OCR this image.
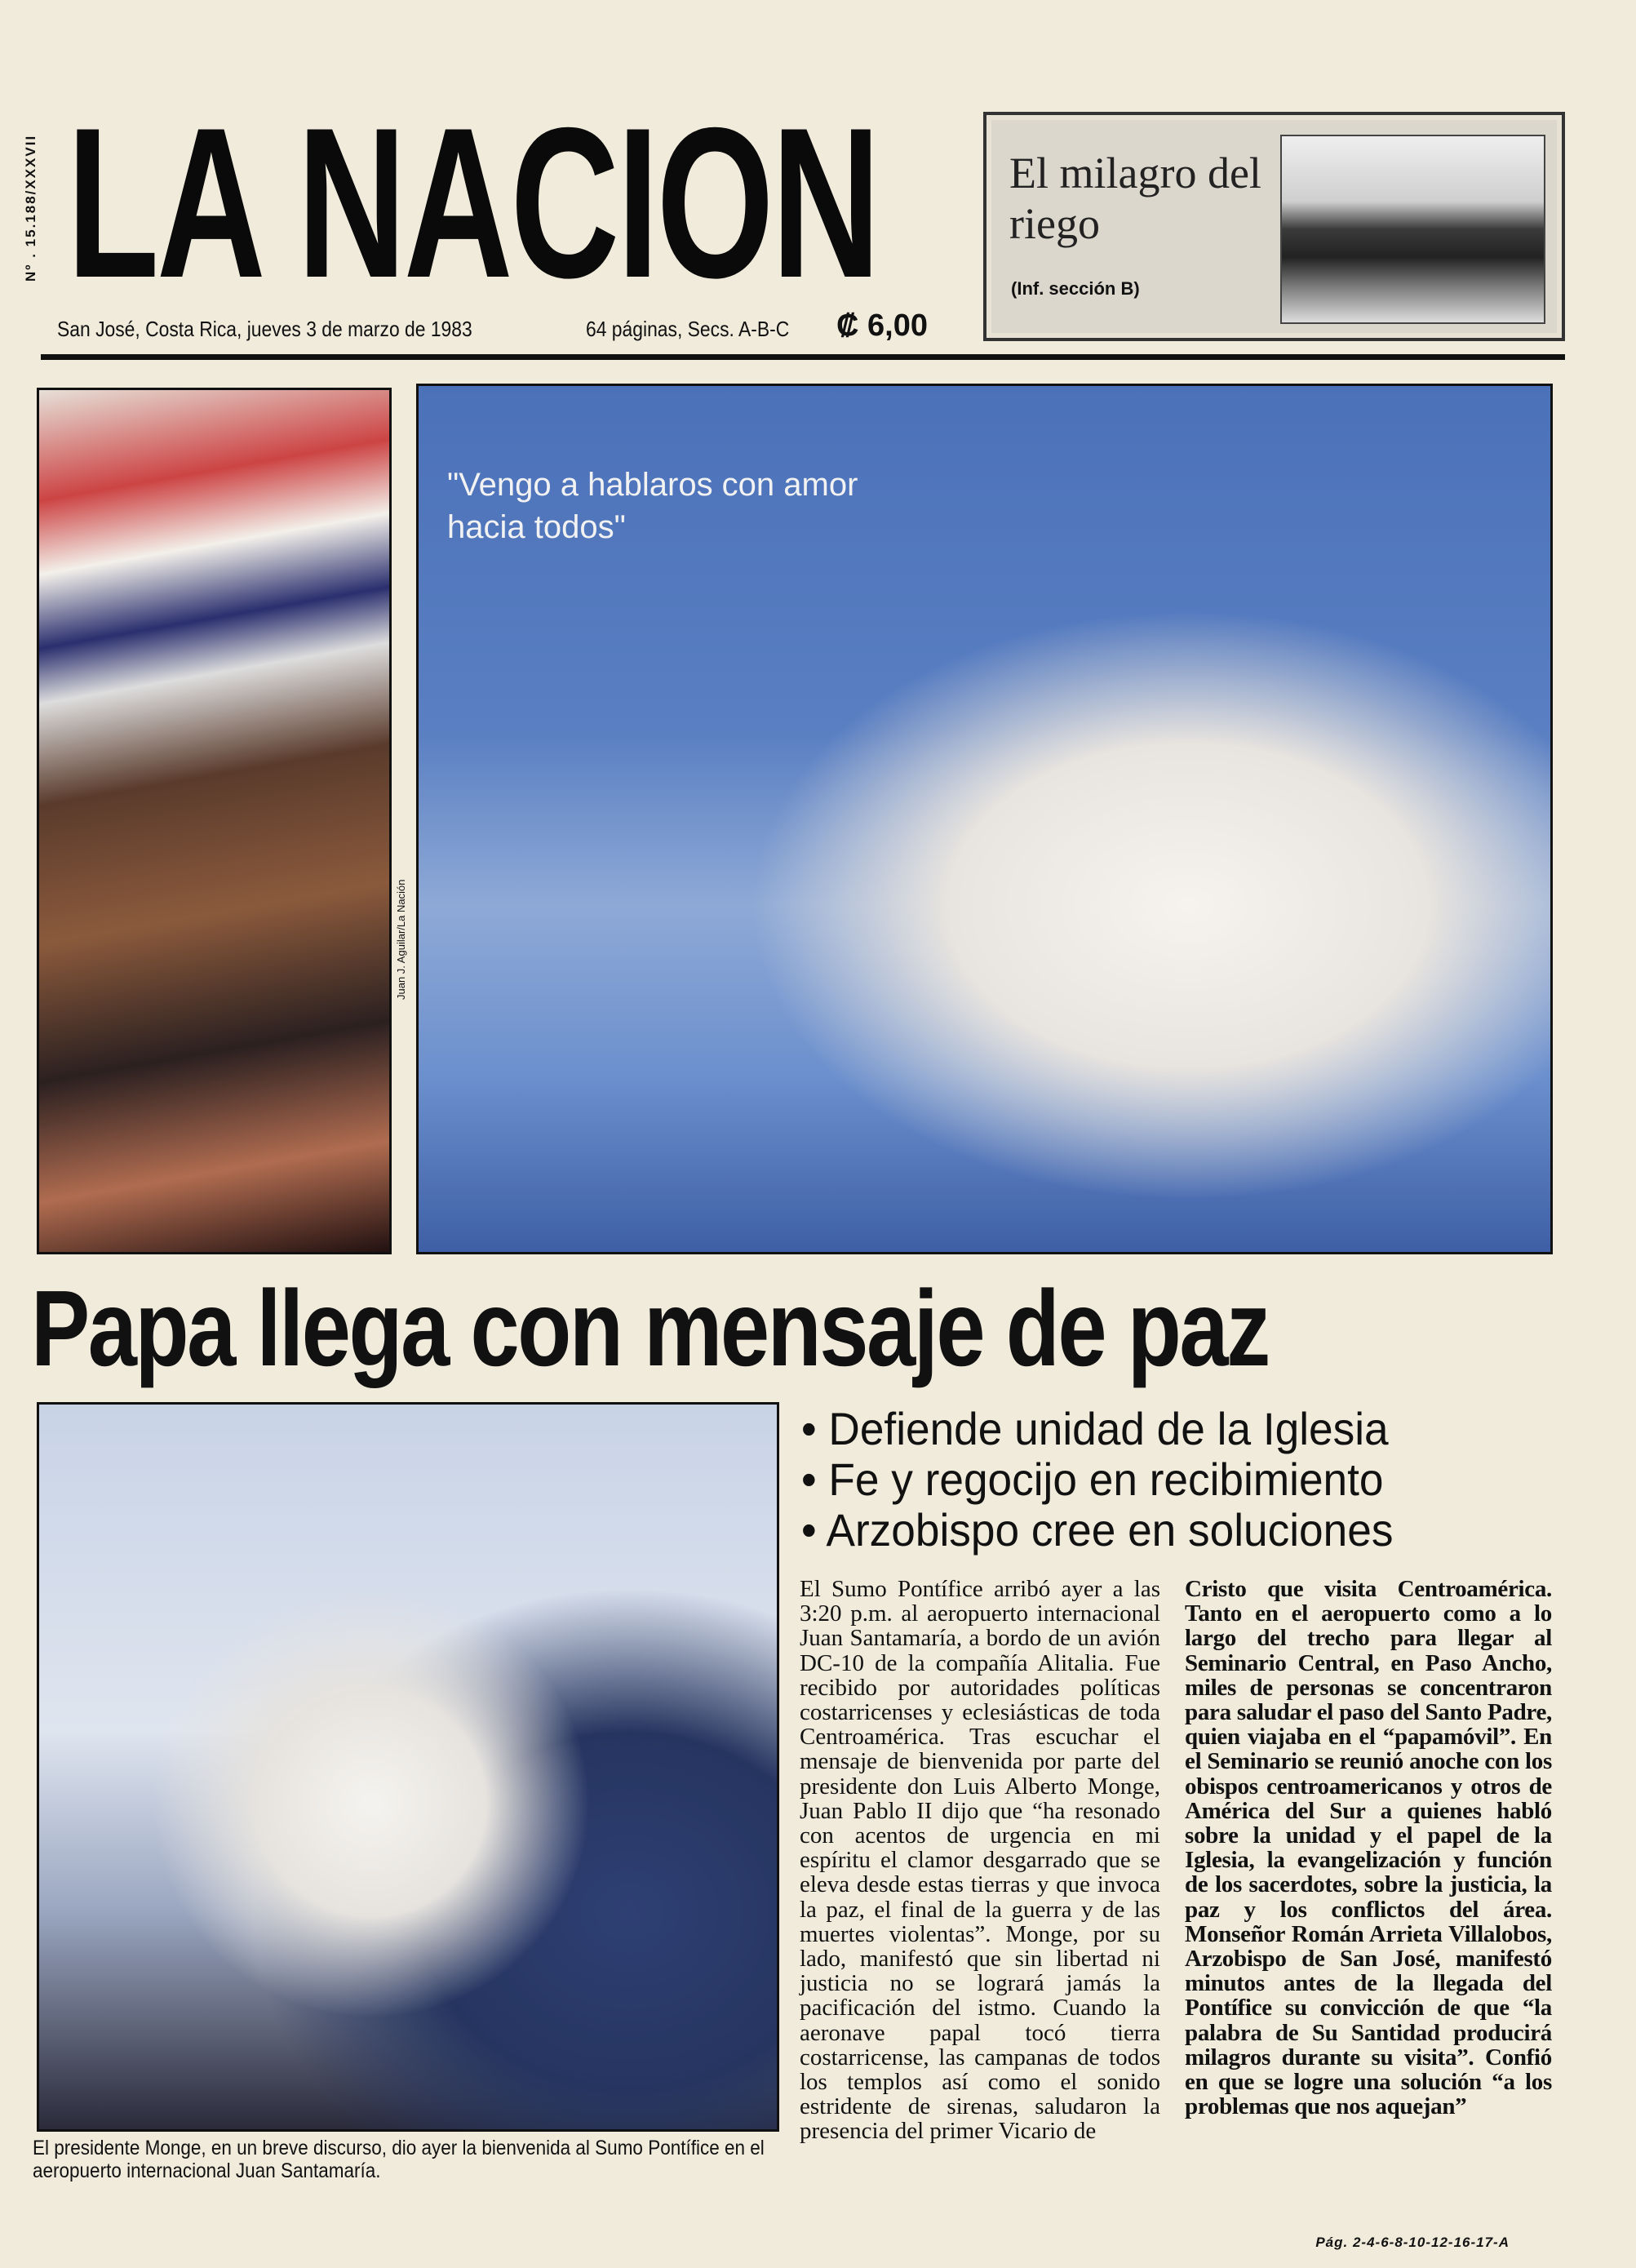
Nº . 15.188/XXXVII LA NACION
San José, Costa Rica, jueves 3 de marzo de 1983	64 páginas, Secs. A-B-C ₡ 6,00
El milagro del riego
(Inf. sección B)
Juan J. Aguilar/La Nación
"Vengo a hablaros con amor hacia todos"
Papa llega con mensaje de paz
El presidente Monge, en un breve discurso, dio ayer la bienvenida al Sumo Pontífice en el aeropuerto internacional Juan Santamaría.
• Defiende unidad de la Iglesia
• Fe y regocijo en recibimiento
• Arzobispo cree en soluciones
El Sumo Pontífice arribó ayer a las 3:20 p.m. al aeropuerto internacional Juan Santamaría, a bordo de un avión DC-10 de la compañía Alitalia. Fue recibido por autoridades políticas costarricenses y eclesiásticas de toda Centroamérica. Tras escuchar el mensaje de bienvenida por parte del presidente don Luis Alberto Monge, Juan Pablo II dijo que “ha resonado con acentos de urgencia en mi espíritu el clamor desgarrado que se eleva desde estas tierras y que invoca la paz, el final de la guerra y de las muertes violentas”. Monge, por su lado, manifestó que sin libertad ni justicia no se logrará jamás la pacificación del istmo. Cuando la aeronave papal tocó tierra costarricense, las campanas de todos los templos así como el sonido estridente de sirenas, saludaron la presencia del primer Vicario de
Cristo que visita Centroamérica. Tanto en el aeropuerto como a lo largo del trecho para llegar al Seminario Central, en Paso Ancho, miles de personas se concentraron para saludar el paso del Santo Padre, quien viajaba en el “papamóvil”. En el Seminario se reunió anoche con los obispos centroamericanos y otros de América del Sur a quienes habló sobre la unidad y el papel de la Iglesia, la evangelización y función de los sacerdotes, sobre la justicia, la paz y los conflictos del área. Monseñor Román Arrieta Villalobos, Arzobispo de San José, manifestó minutos antes de la llegada del Pontífice su convicción de que “la palabra de Su Santidad producirá milagros durante su visita”. Confió en que se logre una solución “a los problemas que nos aquejan”
Pág. 2-4-6-8-10-12-16-17-A
